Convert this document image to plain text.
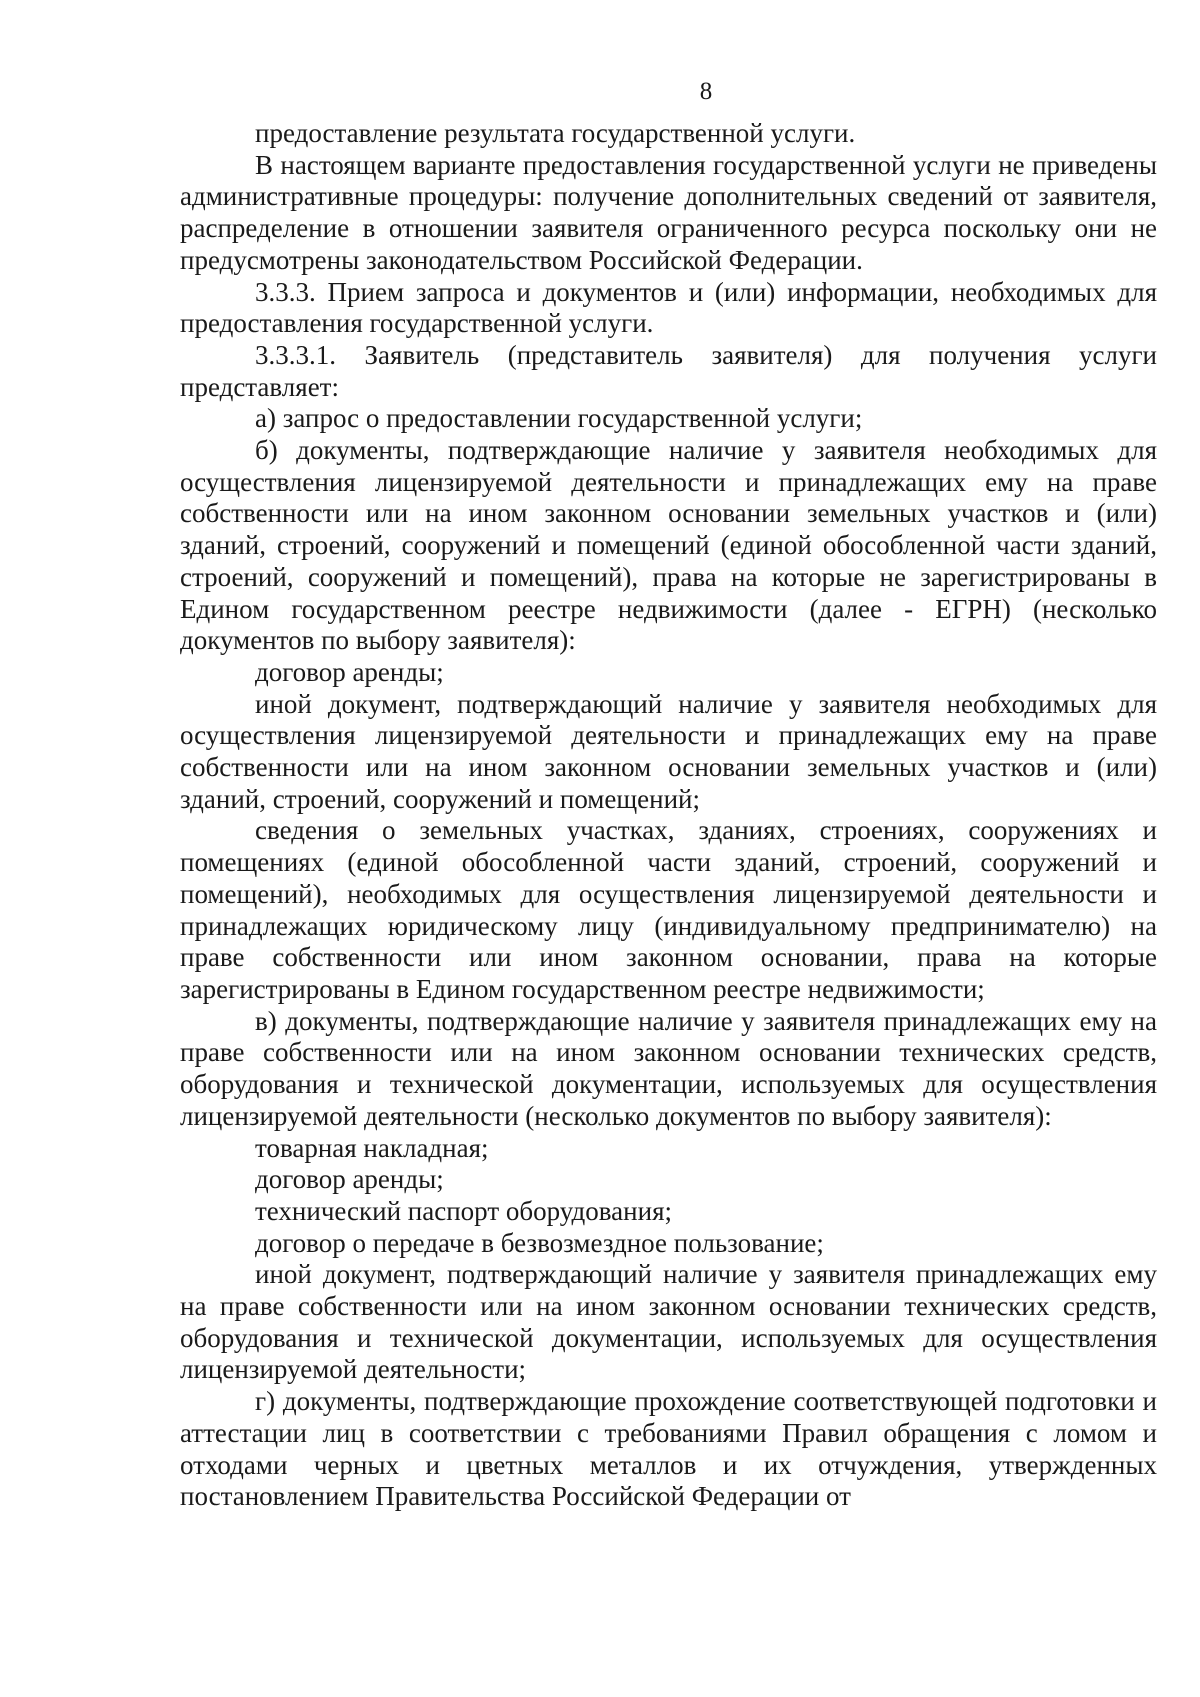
8

предоставление результата государственной услуги.

В настоящем варианте предоставления государственной услуги не приведены административные процедуры: получение дополнительных сведений от заявителя, распределение в отношении заявителя ограниченного ресурса поскольку они не предусмотрены законодательством Российской Федерации.

3.3.3. Прием запроса и документов и (или) информации, необходимых для предоставления государственной услуги.

3.3.3.1. Заявитель (представитель заявителя) для получения услуги представляет:

а) запрос о предоставлении государственной услуги;

б) документы, подтверждающие наличие у заявителя необходимых для осуществления лицензируемой деятельности и принадлежащих ему на праве собственности или на ином законном основании земельных участков и (или) зданий, строений, сооружений и помещений (единой обособленной части зданий, строений, сооружений и помещений), права на которые не зарегистрированы в Едином государственном реестре недвижимости (далее - ЕГРН) (несколько документов по выбору заявителя):

договор аренды;

иной документ, подтверждающий наличие у заявителя необходимых для осуществления лицензируемой деятельности и принадлежащих ему на праве собственности или на ином законном основании земельных участков и (или) зданий, строений, сооружений и помещений;

сведения о земельных участках, зданиях, строениях, сооружениях и помещениях (единой обособленной части зданий, строений, сооружений и помещений), необходимых для осуществления лицензируемой деятельности и принадлежащих юридическому лицу (индивидуальному предпринимателю) на праве собственности или ином законном основании, права на которые зарегистрированы в Едином государственном реестре недвижимости;

в) документы, подтверждающие наличие у заявителя принадлежащих ему на праве собственности или на ином законном основании технических средств, оборудования и технической документации, используемых для осуществления лицензируемой деятельности (несколько документов по выбору заявителя):

товарная накладная;

договор аренды;

технический паспорт оборудования;

договор о передаче в безвозмездное пользование;

иной документ, подтверждающий наличие у заявителя принадлежащих ему на праве собственности или на ином законном основании технических средств, оборудования и технической документации, используемых для осуществления лицензируемой деятельности;

г) документы, подтверждающие прохождение соответствующей подготовки и аттестации лиц в соответствии с требованиями Правил обращения с ломом и отходами черных и цветных металлов и их отчуждения, утвержденных постановлением Правительства Российской Федерации от
